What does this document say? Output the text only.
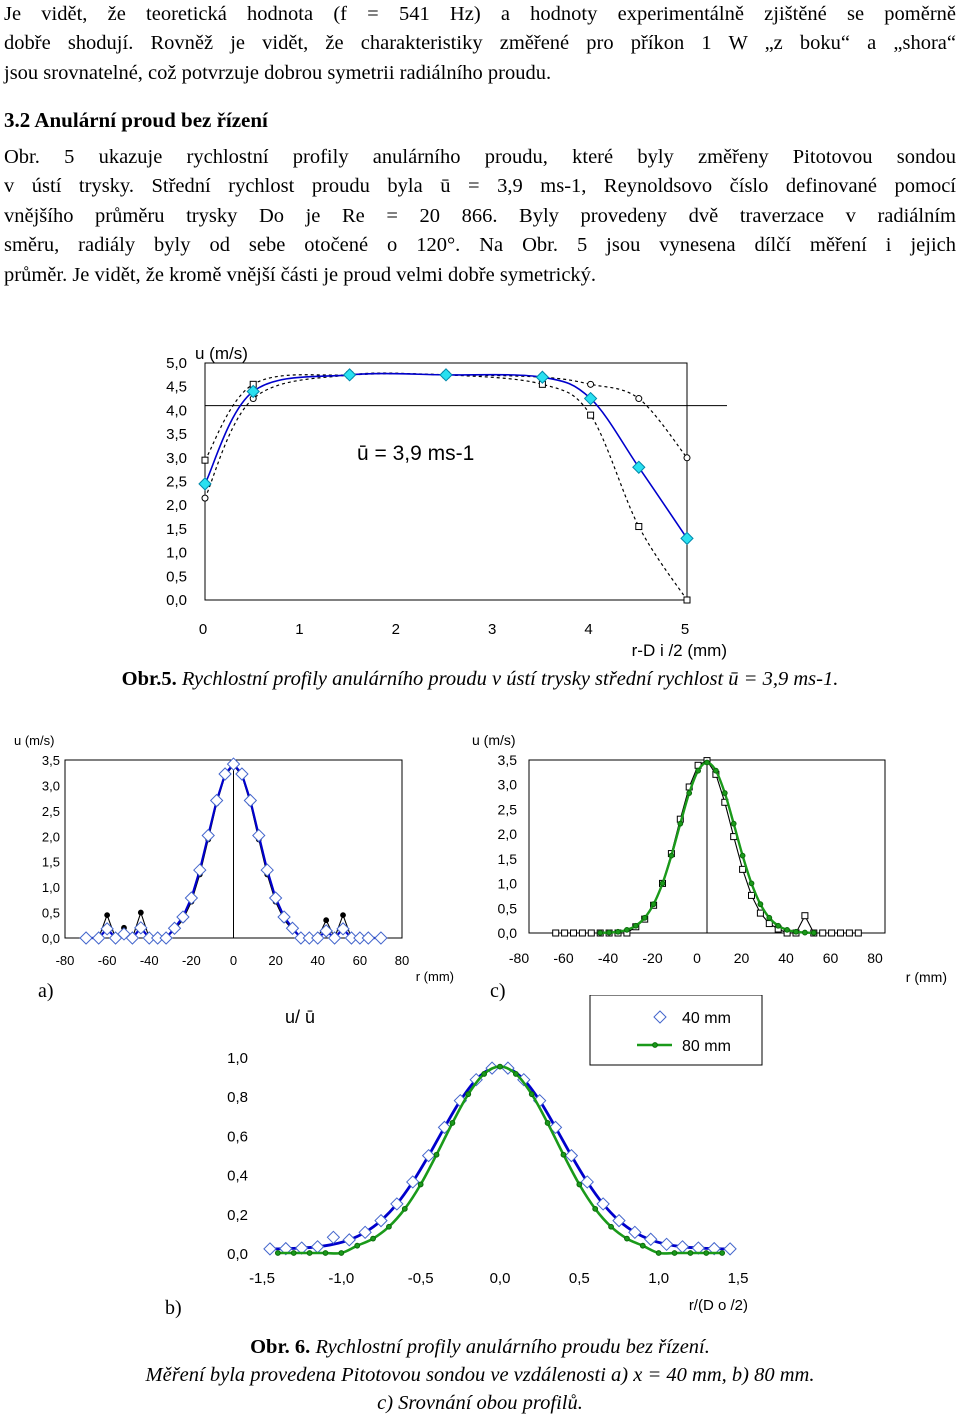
Je vidět, že teoretická hodnota (f = 541 Hz) a hodnoty experimentálně zjištěné se poměrně
dobře shodují. Rovněž je vidět, že charakteristiky změřené pro příkon 1 W „z boku“ a „shora“
jsou srovnatelné, což potvrzuje dobrou symetrii radiálního proudu.
3.2 Anulární proud bez řízení
Obr. 5 ukazuje rychlostní profily anulárního proudu, které byly změřeny Pitotovou sondou
v ústí trysky. Střední rychlost proudu byla ū = 3,9 ms-1, Reynoldsovo číslo definované pomocí
vnějšího průměru trysky Do je Re = 20 866. Byly provedeny dvě traverzace v radiálním
směru, radiály byly od sebe otočené o 120°. Na Obr. 5 jsou vynesena dílčí měření i jejich
průměr. Je vidět, že kromě vnější části je proud velmi dobře symetrický.
0,0
0,5
1,0
1,5
2,0
2,5
3,0
3,5
4,0
4,5
5,0
0	1	2	3	4	5
u (m/s)
r-D i /2 (mm)
ū = 3,9 ms-1
Obr.5. Rychlostní profily anulárního proudu v ústí trysky střední rychlost ū = 3,9 ms-1.
0,0
0,5
1,0
1,5
2,0
2,5
3,0
3,5
-80 -60 -40 -20 0 20 40 60 80
u (m/s)
r (mm)
a)
0,0
0,5
1,0
1,5
2,0
2,5
3,0
3,5
-80 -60 -40 -20 0 20 40 60 80
u (m/s)
r (mm)
c)
0,0
0,2
0,4
0,6
0,8
1,0
-1,5	-1,0	-0,5	0,0	0,5	1,0	1,5
u/ ū
r/(D o /2)
40 mm
80 mm
b)
Obr. 6. Rychlostní profily anulárního proudu bez řízení.
Měření byla provedena Pitotovou sondou ve vzdálenosti a) x = 40 mm, b) 80 mm.
c) Srovnání obou profilů.
